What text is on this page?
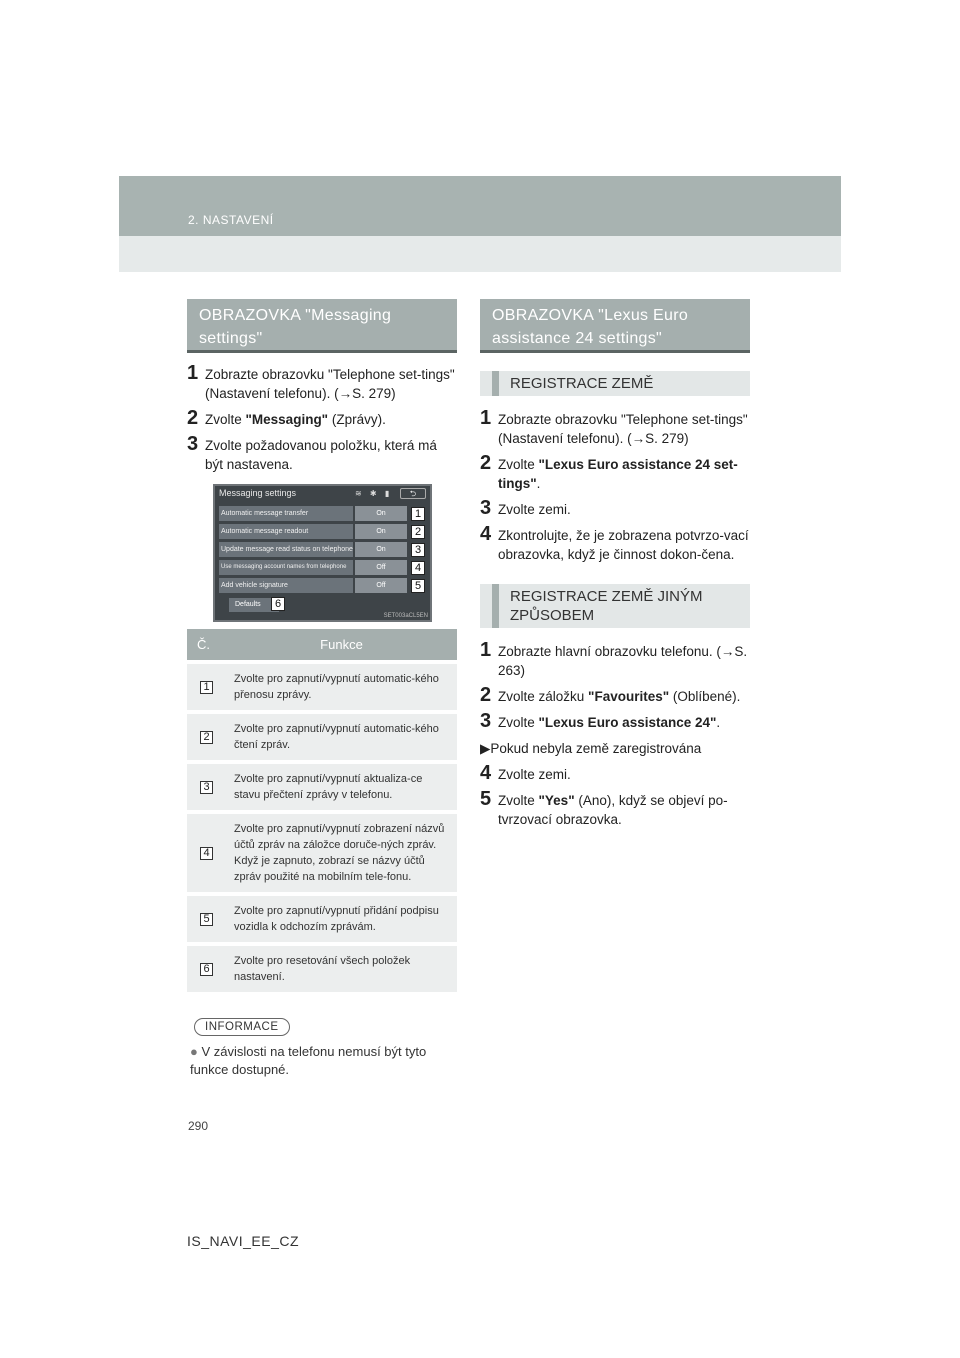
2. NASTAVENÍ
OBRAZOVKA "Messaging settings"
1 Zobrazte obrazovku "Telephone set-tings" (Nastavení telefonu). (→S. 279)
2 Zvolte "Messaging" (Zprávy).
3 Zvolte požadovanou položku, která má být nastavena.
Messaging settings	≋ ✱ ▮	⮌
Automatic message transfer	On	1
Automatic message readout	On	2
Update message read status on telephone	On	3
Use messaging account names from telephone	Off	4
Add vehicle signature	Off	5
Defaults	6
SET003aCL5EN
Č.	Funkce
1
Zvolte pro zapnutí/vypnutí automatic-kého přenosu zprávy.
2
Zvolte pro zapnutí/vypnutí automatic-kého čtení zpráv.
3
Zvolte pro zapnutí/vypnutí aktualiza-ce stavu přečtení zprávy v telefonu.
4
Zvolte pro zapnutí/vypnutí zobrazení názvů účtů zpráv na záložce doruče-ných zpráv. Když je zapnuto, zobrazí se názvy účtů zpráv použité na mobilním tele-fonu.
5
Zvolte pro zapnutí/vypnutí přidání podpisu vozidla k odchozím zprávám.
6
Zvolte pro resetování všech položek nastavení.
INFORMACE
● V závislosti na telefonu nemusí být tyto funkce dostupné.
OBRAZOVKA "Lexus Euro assistance 24 settings"
REGISTRACE ZEMĚ
1 Zobrazte obrazovku "Telephone set-tings" (Nastavení telefonu). (→S. 279)
2 Zvolte "Lexus Euro assistance 24 set-tings".
3 Zvolte zemi.
4 Zkontrolujte, že je zobrazena potvrzo-vací obrazovka, když je činnost dokon-čena.
REGISTRACE ZEMĚ JINÝM ZPŮSOBEM
1 Zobrazte hlavní obrazovku telefonu. (→S. 263)
2 Zvolte záložku "Favourites" (Oblíbené).
3 Zvolte "Lexus Euro assistance 24".
▶Pokud nebyla země zaregistrována
4 Zvolte zemi.
5 Zvolte "Yes" (Ano), když se objeví po-tvrzovací obrazovka.
290
IS_NAVI_EE_CZ
